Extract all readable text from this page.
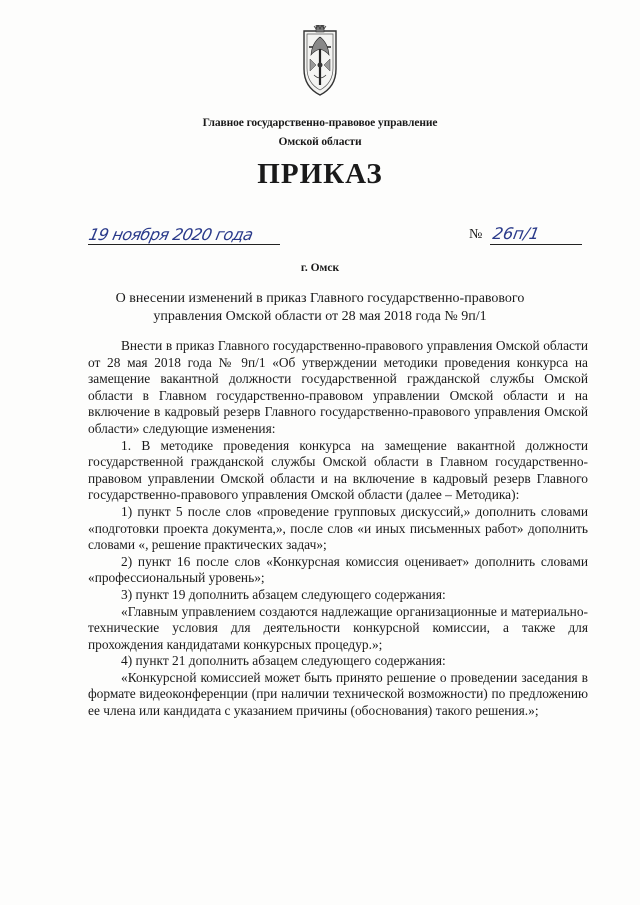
Главное государственно-правовое управление
Омской области
ПРИКАЗ
19 ноября 2020 года	№ 26п/1
г. Омск
О внесении изменений в приказ Главного государственно-правового
управления Омской области от 28 мая 2018 года № 9п/1

Внести в приказ Главного государственно-правового управления Омской области от 28 мая 2018 года № 9п/1 «Об утверждении методики проведения конкурса на замещение вакантной должности государственной гражданской службы Омской области в Главном государственно-правовом управлении Омской области и на включение в кадровый резерв Главного государственно-правового управления Омской области» следующие изменения:

1. В методике проведения конкурса на замещение вакантной должности государственной гражданской службы Омской области в Главном государственно-правовом управлении Омской области и на включение в кадровый резерв Главного государственно-правового управления Омской области (далее – Методика):

1) пункт 5 после слов «проведение групповых дискуссий,» дополнить словами «подготовки проекта документа,», после слов «и иных письменных работ» дополнить словами «, решение практических задач»;

2) пункт 16 после слов «Конкурсная комиссия оценивает» дополнить словами «профессиональный уровень»;

3) пункт 19 дополнить абзацем следующего содержания:

«Главным управлением создаются надлежащие организационные и материально-технические условия для деятельности конкурсной комиссии, а также для прохождения кандидатами конкурсных процедур.»;

4) пункт 21 дополнить абзацем следующего содержания:

«Конкурсной комиссией может быть принято решение о проведении заседания в формате видеоконференции (при наличии технической возможности) по предложению ее члена или кандидата с указанием причины (обоснования) такого решения.»;
